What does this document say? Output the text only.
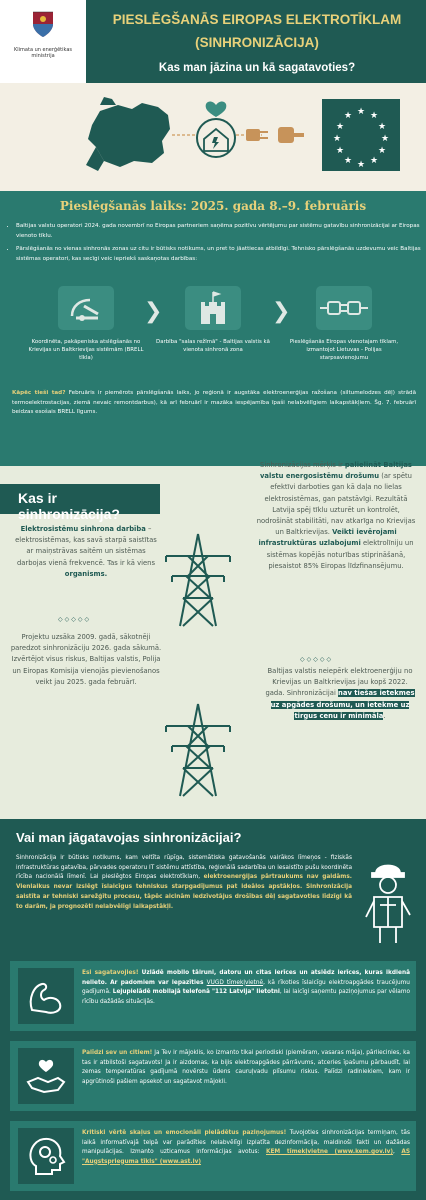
Klimata un enerģētikas ministrija
PIESLĒGŠANĀS EIROPAS ELEKTROTĪKLAM
(SINHRONIZĀCIJA)
Kas man jāzina un kā sagatavoties?
★ ★
★
★
★
★
★
★
★
★
★
★
Pieslēgšanās laiks: 2025. gada 8.–9. februāris
• Baltijas valstu operatori 2024. gada novembrī no Eiropas partneriem saņēma pozitīvu vērtējumu par sistēmu gatavību sinhronizācijai ar Eiropas vienoto tīklu.
• Pārslēgšanās no vienas sinhronās zonas uz citu ir būtisks notikums, un pret to jāattiecas atbildīgi. Tehnisko pārslēgšanās uzdevumu veic Baltijas sistēmas operatori, kas secīgi veic iepriekš saskaņotas darbības:
❯	❯
Koordinēta, pakāpeniska atslēgšanās no Krievijas un Baltkrievijas sistēmām (BRELL tīkla)
Darbība "salas režīmā" - Baltijas valstis kā vienota sinhronā zona
Pieslēgšanās Eiropas vienotajam tīklam, izmantojot Lietuvas - Polijas starpsavienojumu
Kāpēc tieši tad? Februāris ir piemērots pārslēgšanās laiks, jo reģionā ir augstāka elektroenerģijas ražošana (siltumelodzes dēļ) strādā termoelektrostacijas, ziemā nevaic remontdarbus), kā arī februārī ir mazāka iespējamība īpaši nelabvēlīgiem laikapstākļiem. Šg. 7. februārī beidzas esošais BRELL līgums.
Kas ir sinhronizācija?
Elektrosistēmu sinhrona darbība – elektrosistēmas, kas savā starpā saistītas ar maiņstrāvas saitēm un sistēmas darbojas vienā frekvencē. Tas ir kā viens organisms.
◇◇◇◇◇
Projektu uzsāka 2009. gadā, sākotnēji paredzot sinhronizāciju 2026. gada sākumā. Izvērtējot visus riskus, Baltijas valstis, Polija un Eiropas Komisija vienojās pievienošanos veikt jau 2025. gada februārī.
Sinhronizācijas mērķis ir palielināt Baltijas valstu energosistēmu drošumu (ar spētu efektīvi darboties gan kā daļa no lielas elektrosistēmas, gan patstāvīgi. Rezultātā Latvija spēj tīklu uzturēt un kontrolēt, nodrošināt stabilitāti, nav atkarīga no Krievijas un Baltkrievijas. Veikti ievērojami infrastruktūras uzlabojumi elektrolīniju un sistēmas kopējās noturības stiprināšanā, piesaistot 85% Eiropas līdzfinansējumu.
◇◇◇◇◇
Baltijas valstis neiepērk elektroenerģiju no Krievijas un Baltkrievijas jau kopš 2022. gada. Sinhronizācijai nav tiešas ietekmes uz apgādes drošumu, un ietekme uz tirgus cenu ir minimāla.
Vai man jāgatavojas sinhronizācijai?
Sinhronizācija ir būtisks notikums, kam veltīta rūpīga, sistemātiska gatavošanās vairākos līmeņos - fiziskās infrastruktūras gatavība, pārvades operatoru IT sistēmu attīstība, reģionālā sadarbība un iesaistīto pušu koordinēta rīcība nacionālā līmenī. Lai pieslēgtos Eiropas elektrotīklam, elektroenerģijas pārtraukums nav gaidāms. Vienlaikus nevar izslēgt īslaicīgus tehniskus starpgadījumus pat ideālos apstākļos. Sinhronizācija saistīta ar tehniski sarežģītu procesu, tāpēc aicinām iedzīvotājus drošības dēļ sagatavoties līdzīgi kā to darām, ja prognozēti nelabvēlīgi laikapstākļi.
Esi sagatavojies! Uzlādē mobilo tālruni, datoru un citas ierīces un atslēdz ierīces, kuras ikdienā nelieto. Ar padomiem var iepazīties VUGD tīmekļvietnē, kā rīkoties īslaicīgu elektroapgādes traucējumu gadījumā. Lejupielādē mobilajā telefonā "112 Latvija" lietotni, lai laicīgi saņemtu paziņojumus par vēlamo rīcību dažādās situācijās.
Palīdzi sev un citiem! Ja Tev ir mājoklis, ko izmanto tikai periodiski (piemēram, vasaras māja), pārliecinies, ka tas ir atbilstoši sagatavots! Ja ir aizdomas, ka bijis elektroapgādes pārrāvums, atceries īpašumu pārbaudīt, lai zemas temperatūras gadījumā novērstu ūdens cauruļvadu plīsumu riskus. Palīdzi radiniekiem, kam ir apgrūtinoši pašiem apsekot un sagatavot mājokli.
Kritiski vērtē skaļus un emocionāli pielādētus paziņojumus! Tuvojoties sinhronizācijas termiņam, tās laikā informatīvajā telpā var parādīties nelabvēlīgi izplatīta dezinformācija, maldinoši fakti un dažādas manipulācijas. Izmanto uzticamus informācijas avotus: KEM tīmekļvietne (www.kem.gov.lv), AS "Augstsprieguma tīkls" (www.ast.lv)
